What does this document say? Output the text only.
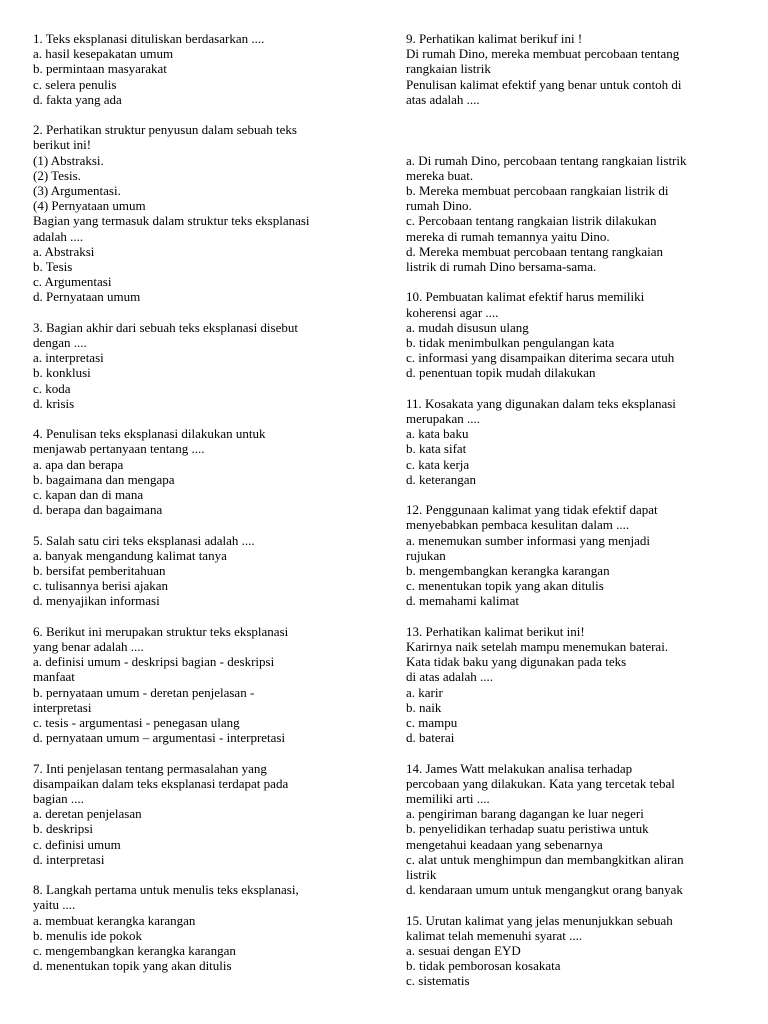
1. Teks eksplanasi dituliskan berdasarkan ....
a. hasil kesepakatan umum
b. permintaan masyarakat
c. selera penulis
d. fakta yang ada
2. Perhatikan struktur penyusun dalam sebuah teks
berikut ini!
(1) Abstraksi.
(2) Tesis.
(3) Argumentasi.
(4) Pernyataan umum
Bagian yang termasuk dalam struktur teks eksplanasi
adalah ....
a. Abstraksi
b. Tesis
c. Argumentasi
d. Pernyataan umum
3. Bagian akhir dari sebuah teks eksplanasi disebut
dengan ....
a. interpretasi
b. konklusi
c. koda
d. krisis
4. Penulisan teks eksplanasi dilakukan untuk
menjawab pertanyaan tentang ....
a. apa dan berapa
b. bagaimana dan mengapa
c. kapan dan di mana
d. berapa dan bagaimana
5. Salah satu ciri teks eksplanasi adalah ....
a. banyak mengandung kalimat tanya
b. bersifat pemberitahuan
c. tulisannya berisi ajakan
d. menyajikan informasi
6. Berikut ini merupakan struktur teks eksplanasi
yang benar adalah ....
a. definisi umum - deskripsi bagian - deskripsi
manfaat
b. pernyataan umum - deretan penjelasan -
interpretasi
c. tesis - argumentasi - penegasan ulang
d. pernyataan umum – argumentasi - interpretasi
7. Inti penjelasan tentang permasalahan yang
disampaikan dalam teks eksplanasi terdapat pada
bagian ....
a. deretan penjelasan
b. deskripsi
c. definisi umum
d. interpretasi
8. Langkah pertama untuk menulis teks eksplanasi,
yaitu ....
a. membuat kerangka karangan
b. menulis ide pokok
c. mengembangkan kerangka karangan
d. menentukan topik yang akan ditulis
9. Perhatikan kalimat berikuf ini !
Di rumah Dino, mereka membuat percobaan tentang
rangkaian listrik
Penulisan kalimat efektif yang benar untuk contoh di
atas adalah ....
a. Di rumah Dino, percobaan tentang rangkaian listrik
mereka buat.
b. Mereka membuat percobaan rangkaian listrik di
rumah Dino.
c. Percobaan tentang rangkaian listrik dilakukan
mereka di rumah temannya yaitu Dino.
d. Mereka membuat percobaan tentang rangkaian
listrik di rumah Dino bersama-sama.
10. Pembuatan kalimat efektif harus memiliki
koherensi agar ....
a. mudah disusun ulang
b. tidak menimbulkan pengulangan kata
c. informasi yang disampaikan diterima secara utuh
d. penentuan topik mudah dilakukan
11. Kosakata yang digunakan dalam teks eksplanasi
merupakan ....
a. kata baku
b. kata sifat
c. kata kerja
d. keterangan
12. Penggunaan kalimat yang tidak efektif dapat
menyebabkan pembaca kesulitan dalam ....
a. menemukan sumber informasi yang menjadi
rujukan
b. mengembangkan kerangka karangan
c. menentukan topik yang akan ditulis
d. memahami kalimat
13. Perhatikan kalimat berikut ini!
Karirnya naik setelah mampu menemukan baterai.
Kata tidak baku yang digunakan pada teks
di atas adalah ....
a. karir
b. naik
c. mampu
d. baterai
14. James Watt melakukan analisa terhadap
percobaan yang dilakukan. Kata yang tercetak tebal
memiliki arti ....
a. pengiriman barang dagangan ke luar negeri
b. penyelidikan terhadap suatu peristiwa untuk
mengetahui keadaan yang sebenarnya
c. alat untuk menghimpun dan membangkitkan aliran
listrik
d. kendaraan umum untuk mengangkut orang banyak
15. Urutan kalimat yang jelas menunjukkan sebuah
kalimat telah memenuhi syarat ....
a. sesuai dengan EYD
b. tidak pemborosan kosakata
c. sistematis
